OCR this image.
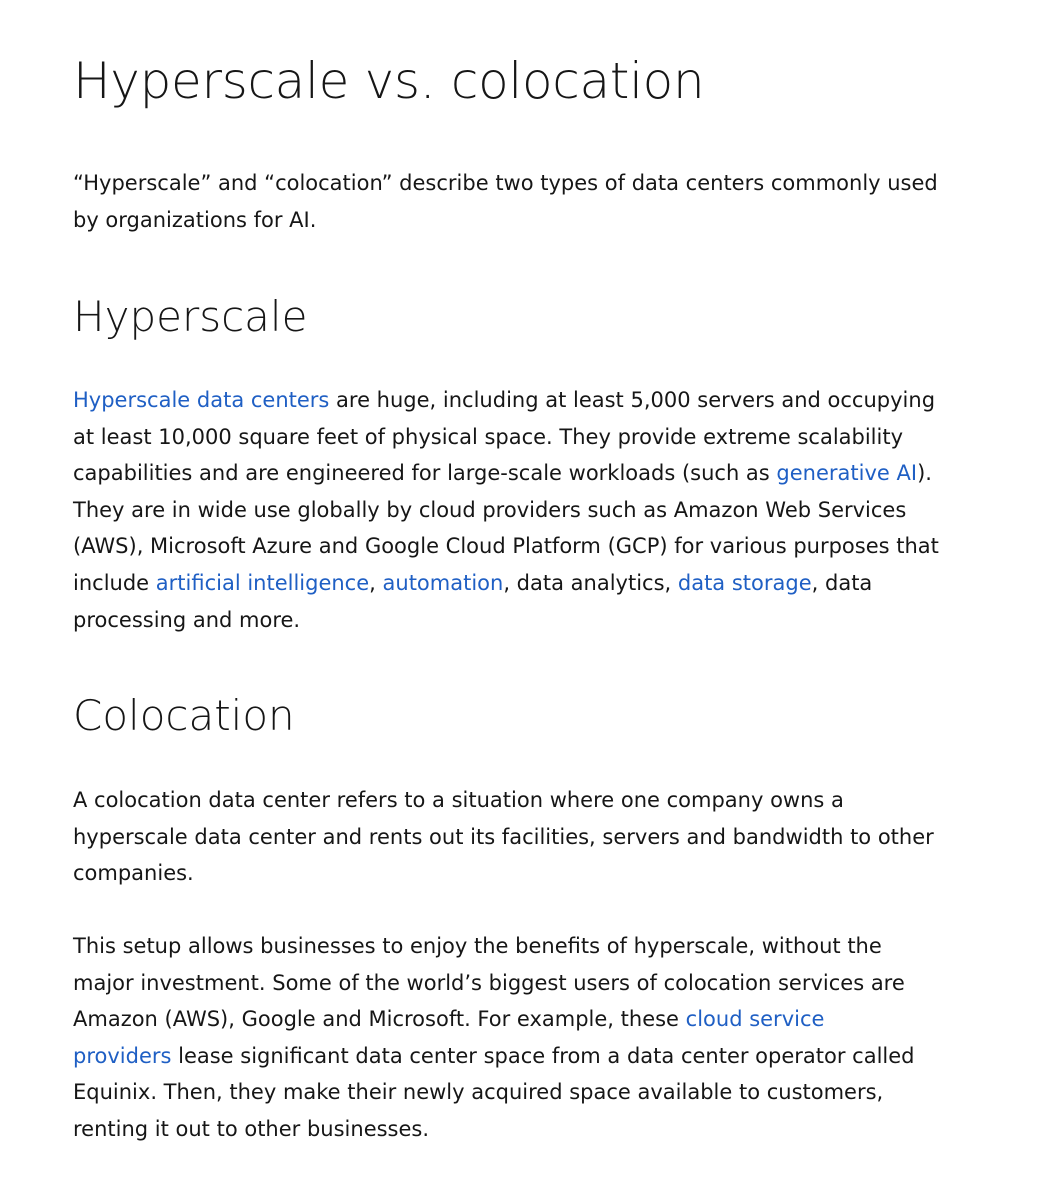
Hyperscale vs. colocation

“Hyperscale” and “colocation” describe two types of data centers commonly used
by organizations for AI.

Hyperscale

Hyperscale data centers are huge, including at least 5,000 servers and occupying
at least 10,000 square feet of physical space. They provide extreme scalability
capabilities and are engineered for large-scale workloads (such as generative AI).
They are in wide use globally by cloud providers such as Amazon Web Services
(AWS), Microsoft Azure and Google Cloud Platform (GCP) for various purposes that
include artificial intelligence, automation, data analytics, data storage, data
processing and more.

Colocation

A colocation data center refers to a situation where one company owns a
hyperscale data center and rents out its facilities, servers and bandwidth to other
companies.

This setup allows businesses to enjoy the benefits of hyperscale, without the
major investment. Some of the world’s biggest users of colocation services are
Amazon (AWS), Google and Microsoft. For example, these cloud service
providers lease significant data center space from a data center operator called
Equinix. Then, they make their newly acquired space available to customers,
renting it out to other businesses.
